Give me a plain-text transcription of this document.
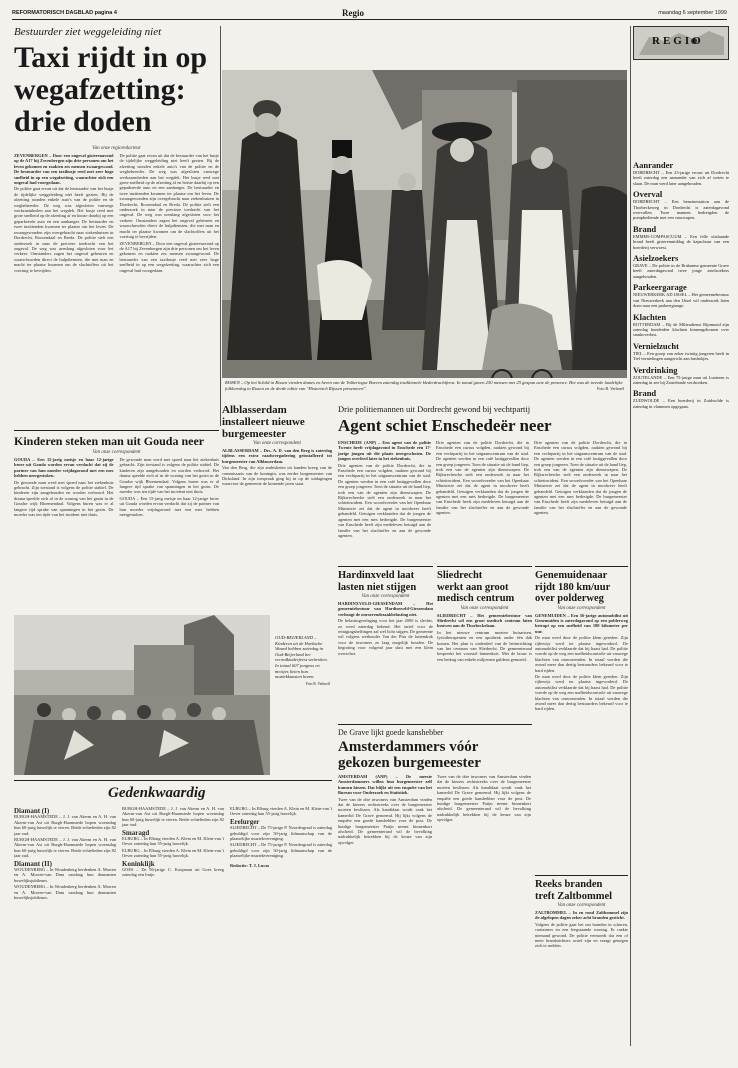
REFORMATORISCH DAGBLAD pagina 4	Regio	maandag 6 september 1999
Bestuurder ziet weggeleiding niet
Taxi rijdt in op
wegafzetting:
drie doden
Van onze regioredacteur

ZEVENBERGEN – Door een ongeval gisterenavond op de A17 bij Zevenbergen zijn drie personen om het leven gekomen en raakten zes mensen zwaargewond. De bestuurder van een taxibusje reed met zeer hoge snelheid in op een wegafzetting, waarachter zich een ongeval had voorgedaan.

De politie gaat ervan uit dat de bestuurder van het busje de tijdelijke weggeleiding niet heeft gezien. Bij de afzetting stonden enkele auto's van de politie en de wegbeheerder. De weg was afgesloten vanwege werkzaamheden aan het wegdek. Het busje reed met grote snelheid op de afzetting af en botste daarbij op een geparkeerde auto en een aanhanger. De bestuurder en twee inzittenden kwamen ter plaatse om het leven. De zwaargewonden zijn overgebracht naar ziekenhuizen in Dordrecht, Roosendaal en Breda. De politie stelt een onderzoek in naar de precieze toedracht van het ongeval. De weg was urenlang afgesloten voor het verkeer. Omstanders zagen het ongeval gebeuren en waarschuwden direct de hulpdiensten, die met man en macht ter plaatse kwamen om de slachtoffers uit het voertuig te bevrijden.

De politie gaat ervan uit dat de bestuurder van het busje de tijdelijke weggeleiding niet heeft gezien. Bij de afzetting stonden enkele auto's van de politie en de wegbeheerder. De weg was afgesloten vanwege werkzaamheden aan het wegdek. Het busje reed met grote snelheid op de afzetting af en botste daarbij op een geparkeerde auto en een aanhanger. De bestuurder en twee inzittenden kwamen ter plaatse om het leven. De zwaargewonden zijn overgebracht naar ziekenhuizen in Dordrecht, Roosendaal en Breda. De politie stelt een onderzoek in naar de precieze toedracht van het ongeval. De weg was urenlang afgesloten voor het verkeer. Omstanders zagen het ongeval gebeuren en waarschuwden direct de hulpdiensten, die met man en macht ter plaatse kwamen om de slachtoffers uit het voertuig te bevrijden.

ZEVENBERGEN – Door een ongeval gisterenavond op de A17 bij Zevenbergen zijn drie personen om het leven gekomen en raakten zes mensen zwaargewond. De bestuurder van een taxibusje reed met zeer hoge snelheid in op een wegafzetting, waarachter zich een ongeval had voorgedaan.

RISSEN – Op het Schild in Rissen vierden dames en heren van de Volkeringse Boeren zaterdag traditionele klederdrachtfeest. In totaal gaven 250 mensen met 25 gespan acte de presence. Het was de tweede landelijke folkloredag in Rissen en de derde editie van "Historisch Rijssen presenteert".	Foto R. Verhoeff
Alblasserdam
installeert nieuwe
burgemeester
Van onze correspondent

ALBLASSERDAM – Drs. A. D. van den Berg is zaterdag tijdens een extra raadsvergadering geïnstalleerd tot burgemeester van Alblasserdam.

Van den Berg, die zijn ambtsketen uit handen kreeg van de commissaris van de koningin, was eerder burgemeester van Dirksland. In zijn toespraak ging hij in op de uitdagingen waarvoor de gemeente de komende jaren staat.

Drie politiemannen uit Dordrecht gewond bij vechtpartij
Agent schiet Enschedeër neer

ENSCHEDE (ANP) – Een agent van de politie Twente heeft vrijdagavond in Enschede een 17-jarige jongen uit die plaats neergeschoten. De jongen overleed later in het ziekenhuis.

Drie agenten van de politie Dordrecht, die in Enschede een cursus volgden, raakten gewond bij een vechtpartij in het uitgaanscentrum van de stad. De agenten werden in een café lastiggevallen door een groep jongeren. Toen de situatie uit de hand liep, trok een van de agenten zijn dienstwapen. De Rijksrecherche stelt een onderzoek in naar het schietincident. Een woordvoerder van het Openbaar Ministerie zei dat de agent in noodweer heeft gehandeld. Getuigen verklaarden dat de jongen de agenten met een mes bedreigde. De burgemeester van Enschede heeft zijn medeleven betuigd aan de familie van het slachtoffer en aan de gewonde agenten.

Drie agenten van de politie Dordrecht, die in Enschede een cursus volgden, raakten gewond bij een vechtpartij in het uitgaanscentrum van de stad. De agenten werden in een café lastiggevallen door een groep jongeren. Toen de situatie uit de hand liep, trok een van de agenten zijn dienstwapen. De Rijksrecherche stelt een onderzoek in naar het schietincident. Een woordvoerder van het Openbaar Ministerie zei dat de agent in noodweer heeft gehandeld. Getuigen verklaarden dat de jongen de agenten met een mes bedreigde. De burgemeester van Enschede heeft zijn medeleven betuigd aan de familie van het slachtoffer en aan de gewonde agenten.

Drie agenten van de politie Dordrecht, die in Enschede een cursus volgden, raakten gewond bij een vechtpartij in het uitgaanscentrum van de stad. De agenten werden in een café lastiggevallen door een groep jongeren. Toen de situatie uit de hand liep, trok een van de agenten zijn dienstwapen. De Rijksrecherche stelt een onderzoek in naar het schietincident. Een woordvoerder van het Openbaar Ministerie zei dat de agent in noodweer heeft gehandeld. Getuigen verklaarden dat de jongen de agenten met een mes bedreigde. De burgemeester van Enschede heeft zijn medeleven betuigd aan de familie van het slachtoffer en aan de gewonde agenten.

Kinderen steken man uit Gouda neer
Van onze correspondent

GOUDA – Een 15-jarig meisje en haar 12-jarige broer uit Gouda worden ervan verdacht dat zij de partner van hun moeder vrijdagavond met een mes hebben neergestoken.

De gewonde man werd met spoed naar het ziekenhuis gebracht. Zijn toestand is volgens de politie stabiel. De kinderen zijn aangehouden en worden verhoord. Het drama speelde zich af in de woning van het gezin in de Goudse wijk Bloemendaal. Volgens buren was er al langere tijd sprake van spanningen in het gezin. De moeder was ten tijde van het incident niet thuis.

De gewonde man werd met spoed naar het ziekenhuis gebracht. Zijn toestand is volgens de politie stabiel. De kinderen zijn aangehouden en worden verhoord. Het drama speelde zich af in de woning van het gezin in de Goudse wijk Bloemendaal. Volgens buren was er al langere tijd sprake van spanningen in het gezin. De moeder was ten tijde van het incident niet thuis.

GOUDA – Een 15-jarig meisje en haar 12-jarige broer uit Gouda worden ervan verdacht dat zij de partner van hun moeder vrijdagavond met een mes hebben neergestoken.

OUD-BEIJERLAND – Kinderen uit de Hoeksche Waard hebben zaterdag in Oud-Beijerland het recordkinderfeest verbroken. In totaal 607 jongens en meisjes lieten hun muziekkunsten horen.
Foto R. Verhoeff
Hardinxveld laat
lasten niet stijgen
Van onze correspondent

HARDINXVELD-GIESSENDAM – Het gemeentebestuur van Hardinxveld-Giessendam verhoogt de onroerendezaakbelasting niet.

De belastingverlaging voor het jaar 2000 is slechts, zo werd zaterdag bekend. Het tarief voor de reinigingsheffingen zal wel licht stijgen. De gemeente wil volgens wethouder Van der Plas de lastendruk voor de inwoners zo laag mogelijk houden. De begroting voor volgend jaar sluit met een klein overschot.

Sliedrecht
werkt aan groot
medisch centrum
Van onze correspondent

SLIEDRECHT – Het gemeentebestuur van Sliedrecht wil een groot medisch centrum laten bouwen aan de Thorbeckelaan.

In het nieuwe centrum moeten huisartsen, fysiotherapeuten en een apotheek onder één dak komen. Het plan is onderdeel van de herinrichting van het centrum van Sliedrecht. De gemeenteraad bespreekt het voorstel binnenkort. Met de bouw is een bedrag van enkele miljoenen guldens gemoeid.

Genemuidenaar
rijdt 180 km/uur
over polderweg
Van onze correspondent

GENEMUIDEN – Een 36-jarige automobilist uit Genemuiden is zaterdagavond op een polderweg betrapt op een snelheid van 180 kilometer per uur.

De man werd door de politie klem gereden. Zijn rijbewijs werd ter plaatse ingevorderd. De automobilist verklaarde dat hij haast had. De politie voerde op de weg een snelheidscontrole uit vanwege klachten van omwonenden. In totaal werden die avond meer dan dertig bestuurders bekeurd voor te hard rijden.

De man werd door de politie klem gereden. Zijn rijbewijs werd ter plaatse ingevorderd. De automobilist verklaarde dat hij haast had. De politie voerde op de weg een snelheidscontrole uit vanwege klachten van omwonenden. In totaal werden die avond meer dan dertig bestuurders bekeurd voor te hard rijden.

De Grave lijkt goede kanshebber
Amsterdammers vóór
gekozen burgemeester

AMSTERDAM (ANP) – De meeste Amsterdammers willen hun burgemeester zelf kunnen kiezen. Dat blijkt uit een enquête van het Bureau voor Onderzoek en Statistiek.

Twee van de drie inwoners van Amsterdam vinden dat de kiezers rechtstreeks over de burgemeester moeten beslissen. Als kandidaat wordt vaak het kamerlid De Grave genoemd. Hij lijkt volgens de enquête een goede kanshebber voor de post. De huidige burgemeester Patijn neemt binnenkort afscheid. De gemeenteraad wil de bevolking nadrukkelijk betrekken bij de keuze van zijn opvolger.

Twee van de drie inwoners van Amsterdam vinden dat de kiezers rechtstreeks over de burgemeester moeten beslissen. Als kandidaat wordt vaak het kamerlid De Grave genoemd. Hij lijkt volgens de enquête een goede kanshebber voor de post. De huidige burgemeester Patijn neemt binnenkort afscheid. De gemeenteraad wil de bevolking nadrukkelijk betrekken bij de keuze van zijn opvolger.

Reeks branden
treft Zaltbommel
Van onze correspondent

ZALTBOMMEL – In en rond Zaltbommel zijn de afgelopen dagen zeker acht branden gesticht.

Volgens de politie gaat het om branden in schuren, containers en een leegstaande woning. Er raakte niemand gewond. De politie vermoedt dat een of meer brandstichters actief zijn en vraagt getuigen zich te melden.

Gedenkwaardig
Diamant (I)

BURGH-HAAMSTEDE – J. J. van Akerm en A. H. van Akerm-van Ast uit Burgh-Haamstede hopen woensdag hun 60-jarig huwelijk te vieren. Beide echtelieden zijn 82 jaar oud.

BURGH-HAAMSTEDE – J. J. van Akerm en A. H. van Akerm-van Ast uit Burgh-Haamstede hopen woensdag hun 60-jarig huwelijk te vieren. Beide echtelieden zijn 82 jaar oud.

Diamant (II)

WOUDENBERG – In Woudenberg herdenken A. Morren en A. Morren-van Dam vandaag hun diamanten huwelijksjubileum.

WOUDENBERG – In Woudenberg herdenken A. Morren en A. Morren-van Dam vandaag hun diamanten huwelijksjubileum.

BURGH-HAAMSTEDE – J. J. van Akerm en A. H. van Akerm-van Ast uit Burgh-Haamstede hopen woensdag hun 60-jarig huwelijk te vieren. Beide echtelieden zijn 82 jaar oud.

Smaragd

ELBURG – In Elburg vierden A. Klein en M. Klein-van 't Oever zaterdag hun 55-jarig huwelijk.

ELBURG – In Elburg vierden A. Klein en M. Klein-van 't Oever zaterdag hun 55-jarig huwelijk.

Koninklijk

GOES – De 96-jarige C. Koopman uit Goes kreeg zaterdag een lintje.

ELBURG – In Elburg vierden A. Klein en M. Klein-van 't Oever zaterdag hun 55-jarig huwelijk.

Erelurger

SLIEDRECHT – De 75-jarige P. Noordergraaf is zaterdag gehuldigd voor zijn 50-jarig lidmaatschap van de plaatselijke muziekvereniging.

SLIEDRECHT – De 75-jarige P. Noordergraaf is zaterdag gehuldigd voor zijn 50-jarig lidmaatschap van de plaatselijke muziekvereniging.

Redactie: T. J. Lucas

REGIO
Aanrander
DORDRECHT – Een 23-jarige vrouw uit Dordrecht heeft zaterdag een aanrander van zich af weten te slaan. De man werd later aangehouden.
Overval
DORDRECHT – Een benzinestation aan de Thorbeckeweg in Dordrecht is zaterdagavond overvallen. Twee mannen bedreigden de pompbediende met een vuurwapen.
Brand
EMMER-COMPASCUUM – Een felle uitslaande brand heeft gisterenmiddag de kapschuur van een boerderij verwoest.
Asielzoekers
GRAVE – De politie in de Brabantse gemeente Grave heeft zaterdagavond twee jonge asielzoekers aangehouden.
Parkeergarage
NIEUWERKERK AD IJSSEL – Het gemeentebestuur van Nieuwerkerk aan den IJssel wil onderzoek laten doen naar een parkeergarage.
Klachten
ROTTERDAM – Bij de Milieudienst Rijnmond zijn zaterdag honderden klachten binnengekomen over stankoverlast.
Vernielzucht
TIEL – Een groep van zeker twintig jongeren heeft in Tiel vernielingen aangericht aan bushokjes.
Verdrinking
ZOUTELANDE – Een 75-jarige man uit Lunteren is zaterdag in zee bij Zoutelande verdronken.
Brand
ZUIDWOLDE – Een boerderij in Zuidwolde is zaterdag in vlammen opgegaan.
